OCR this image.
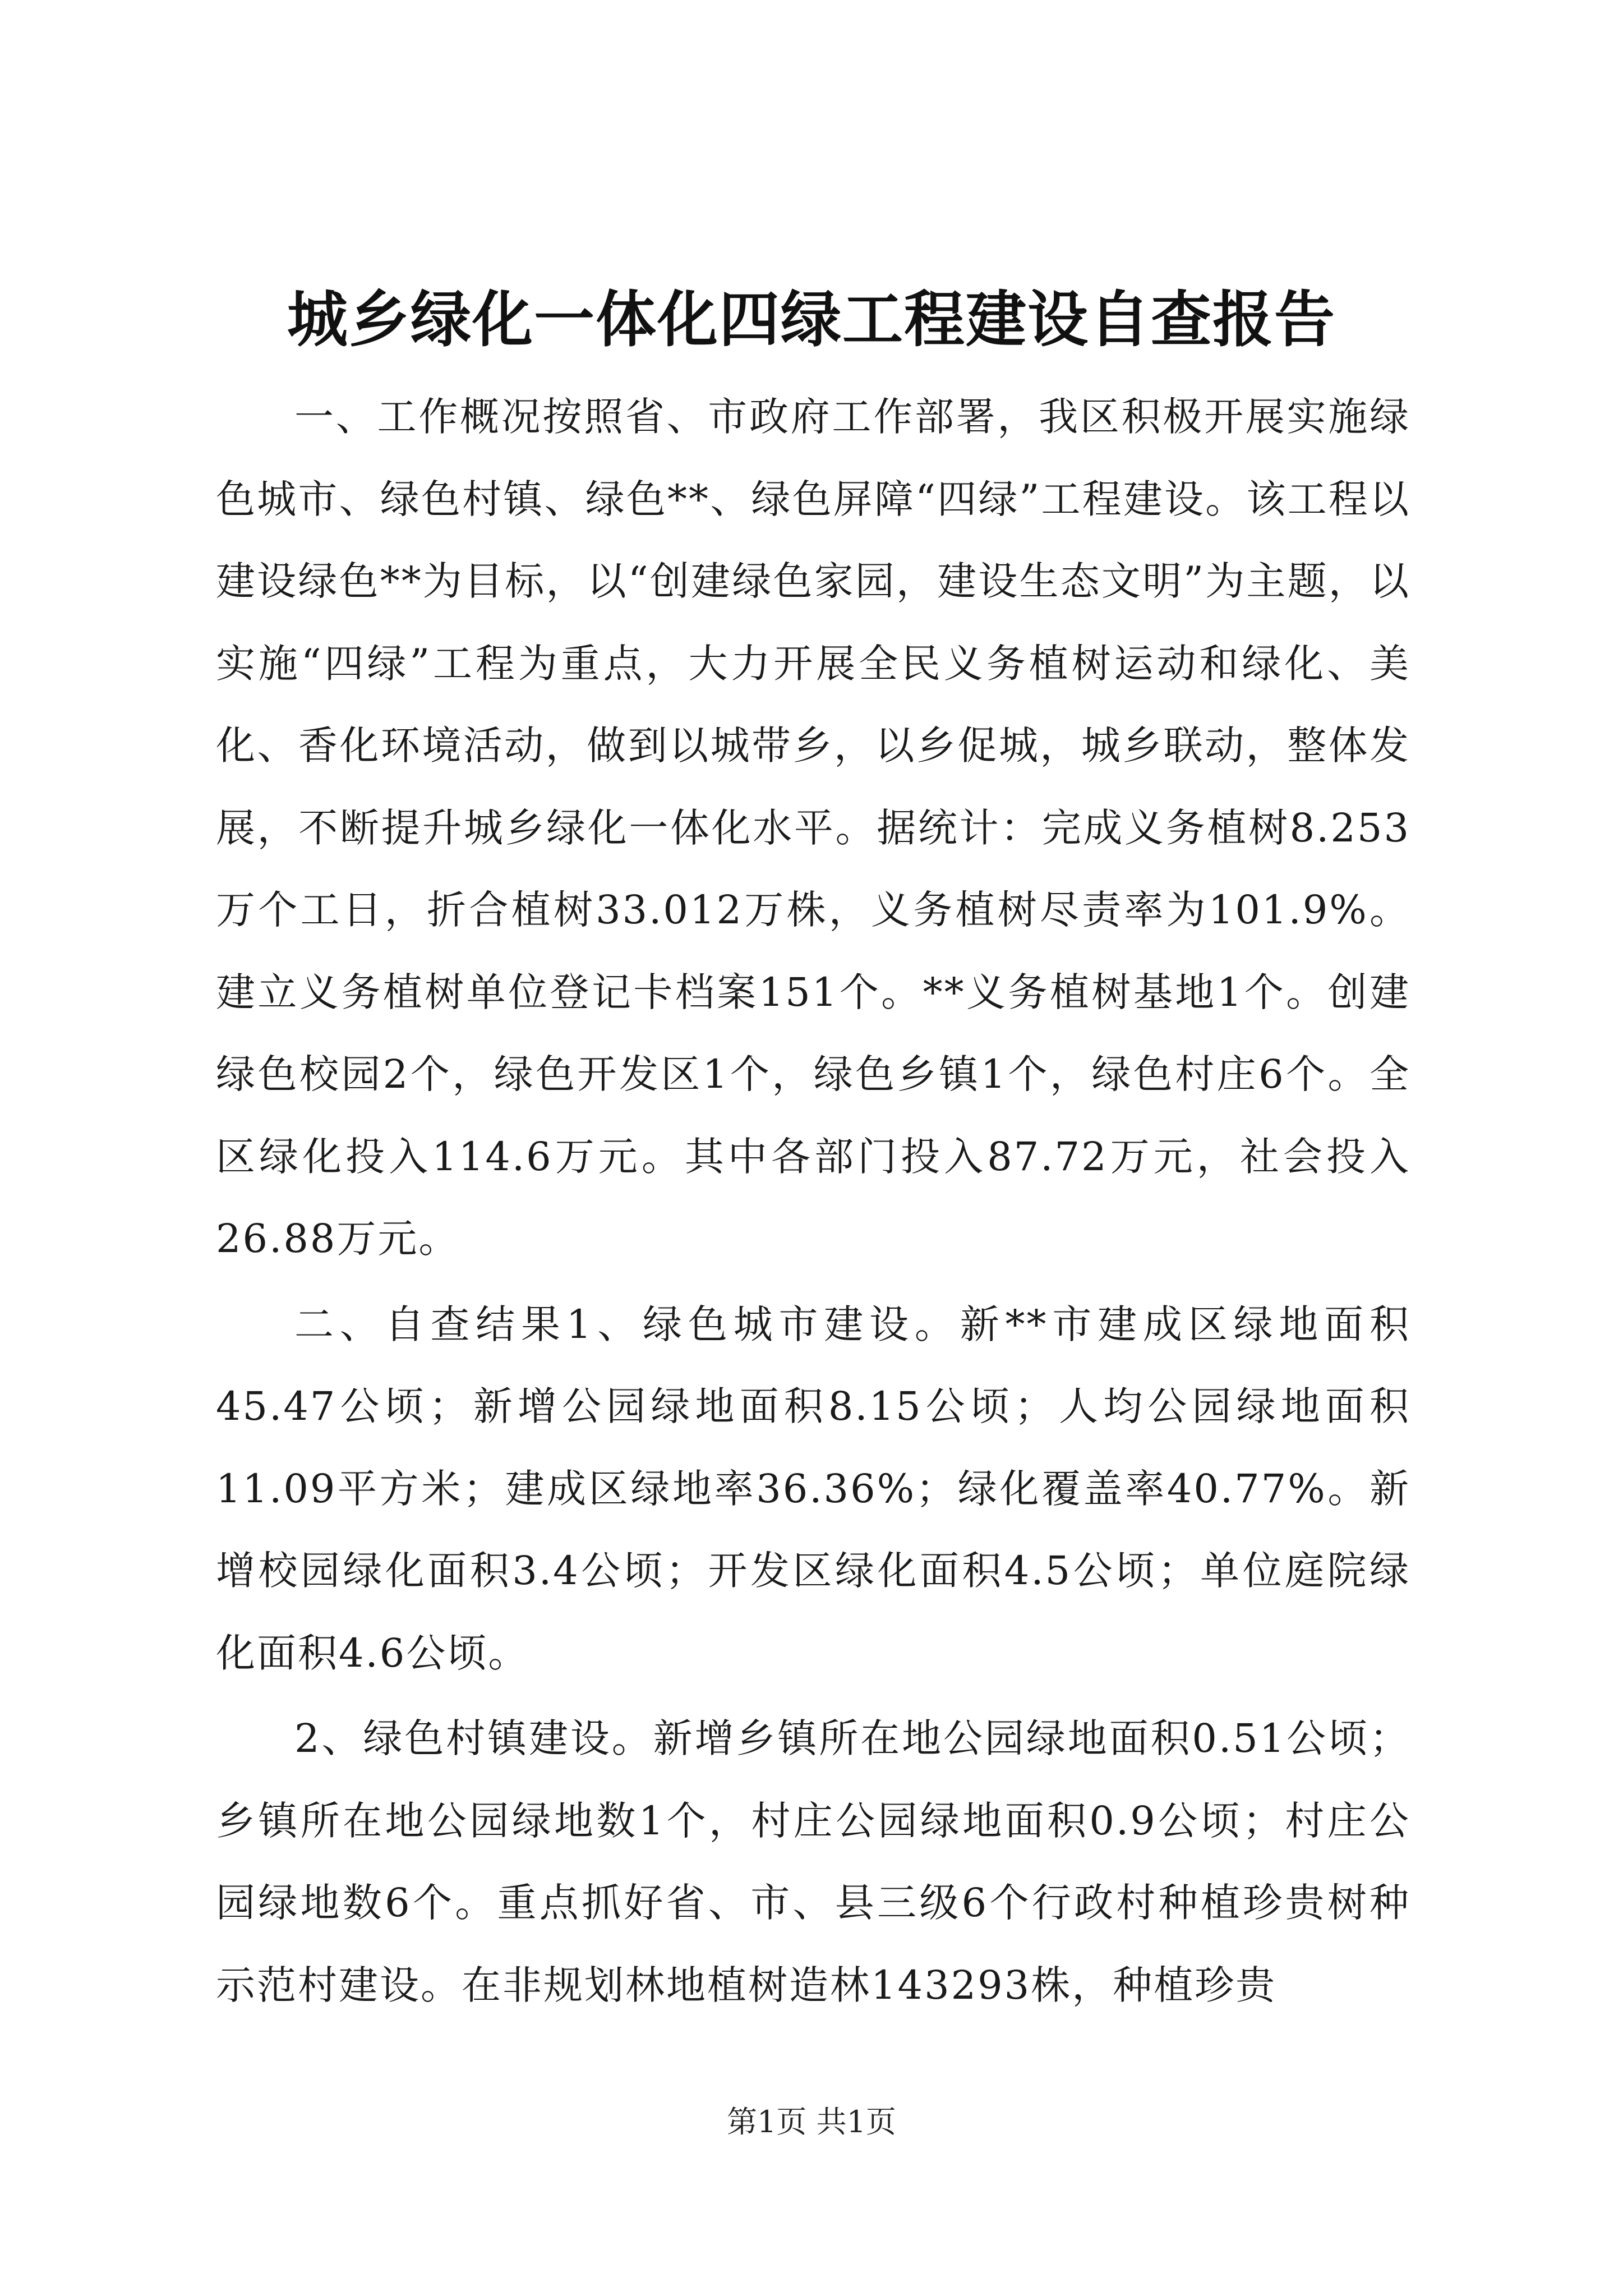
城乡绿化一体化四绿工程建设自查报告

一、工作概况按照省、市政府工作部署，我区积极开展实施绿色城市、绿色村镇、绿色**、绿色屏障“四绿”工程建设。该工程以建设绿色**为目标，以“创建绿色家园，建设生态文明”为主题，以实施“四绿”工程为重点，大力开展全民义务植树运动和绿化、美化、香化环境活动，做到以城带乡，以乡促城，城乡联动，整体发展，不断提升城乡绿化一体化水平。据统计：完成义务植树8.253万个工日，折合植树33.012万株，义务植树尽责率为101.9%。建立义务植树单位登记卡档案151个。**义务植树基地1个。创建绿色校园2个，绿色开发区1个，绿色乡镇1个，绿色村庄6个。全区绿化投入114.6万元。其中各部门投入87.72万元，社会投入26.88万元。

二、自查结果1、绿色城市建设。新**市建成区绿地面积45.47公顷；新增公园绿地面积8.15公顷；人均公园绿地面积11.09平方米；建成区绿地率36.36%；绿化覆盖率40.77%。新增校园绿化面积3.4公顷；开发区绿化面积4.5公顷；单位庭院绿化面积4.6公顷。

2、绿色村镇建设。新增乡镇所在地公园绿地面积0.51公顷；乡镇所在地公园绿地数1个，村庄公园绿地面积0.9公顷；村庄公园绿地数6个。重点抓好省、市、县三级6个行政村种植珍贵树种示范村建设。在非规划林地植树造林143293株，种植珍贵

第1页 共1页
